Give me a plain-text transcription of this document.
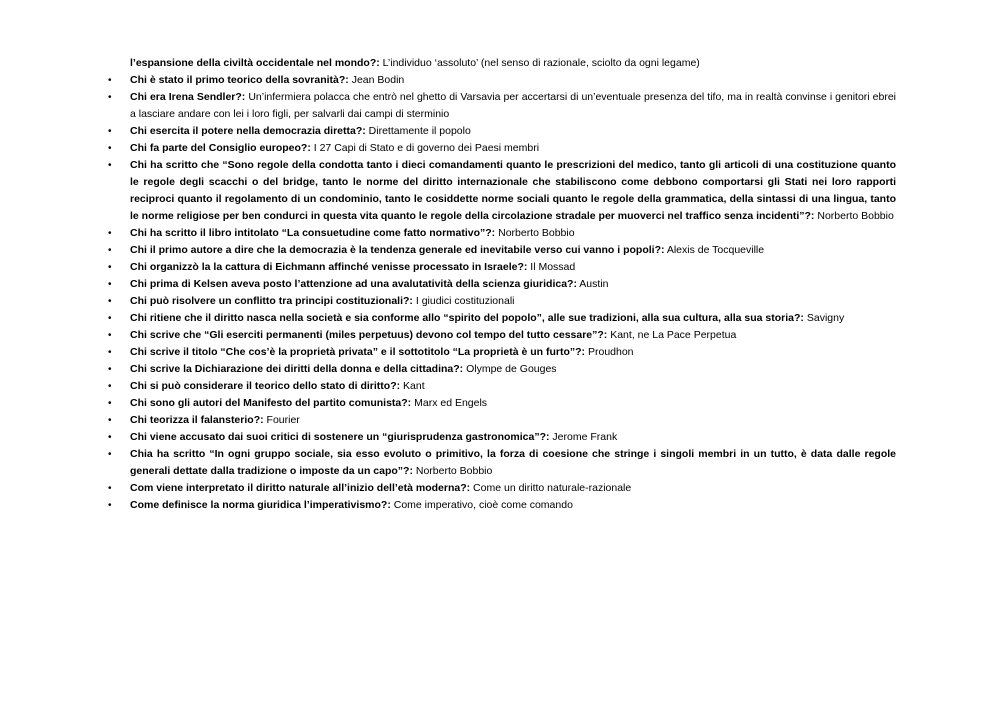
l’espansione della civiltà occidentale nel mondo?: L’individuo ‘assoluto’ (nel senso di razionale, sciolto da ogni legame)

•	Chi è stato il primo teorico della sovranità?: Jean Bodin
•	Chi era Irena Sendler?: Un’infermiera polacca che entrò nel ghetto di Varsavia per accertarsi di un’eventuale presenza del tifo, ma in realtà convinse i genitori ebrei a lasciare andare con lei i loro figli, per salvarli dai campi di sterminio
•	Chi esercita il potere nella democrazia diretta?: Direttamente il popolo
•	Chi fa parte del Consiglio europeo?: I 27 Capi di Stato e di governo dei Paesi membri
•	Chi ha scritto che “Sono regole della condotta tanto i dieci comandamenti quanto le prescrizioni del medico, tanto gli articoli di una costituzione quanto le regole degli scacchi o del bridge, tanto le norme del diritto internazionale che stabiliscono come debbono comportarsi gli Stati nei loro rapporti reciproci quanto il regolamento di un condominio, tanto le cosiddette norme sociali quanto le regole della grammatica, della sintassi di una lingua, tanto le norme religiose per ben condurci in questa vita quanto le regole della circolazione stradale per muoverci nel traffico senza incidenti”?: Norberto Bobbio
•	Chi ha scritto il libro intitolato “La consuetudine come fatto normativo”?: Norberto Bobbio
•	Chi il primo autore a dire che la democrazia è la tendenza generale ed inevitabile verso cui vanno i popoli?: Alexis de Tocqueville
•	Chi organizzò la la cattura di Eichmann affinché venisse processato in Israele?: Il Mossad
•	Chi prima di Kelsen aveva posto l’attenzione ad una avalutatività della scienza giuridica?: Austin
•	Chi può risolvere un conflitto tra principi costituzionali?: I giudici costituzionali
•	Chi ritiene che il diritto nasca nella società e sia conforme allo “spirito del popolo”, alle sue tradizioni, alla sua cultura, alla sua storia?: Savigny
•	Chi scrive che “Gli eserciti permanenti (miles perpetuus) devono col tempo del tutto cessare”?: Kant, ne La Pace Perpetua
•	Chi scrive il titolo “Che cos’è la proprietà privata” e il sottotitolo “La proprietà è un furto”?: Proudhon
•	Chi scrive la Dichiarazione dei diritti della donna e della cittadina?: Olympe de Gouges
•	Chi si può considerare il teorico dello stato di diritto?: Kant
•	Chi sono gli autori del Manifesto del partito comunista?: Marx ed Engels
•	Chi teorizza il falansterio?: Fourier
•	Chi viene accusato dai suoi critici di sostenere un “giurisprudenza gastronomica”?: Jerome Frank
•	Chia ha scritto “In ogni gruppo sociale, sia esso evoluto o primitivo, la forza di coesione che stringe i singoli membri in un tutto, è data dalle regole generali dettate dalla tradizione o imposte da un capo”?: Norberto Bobbio
•	Com viene interpretato il diritto naturale all’inizio dell’età moderna?: Come un diritto naturale-razionale
•	Come definisce la norma giuridica l’imperativismo?: Come imperativo, cioè come comando
